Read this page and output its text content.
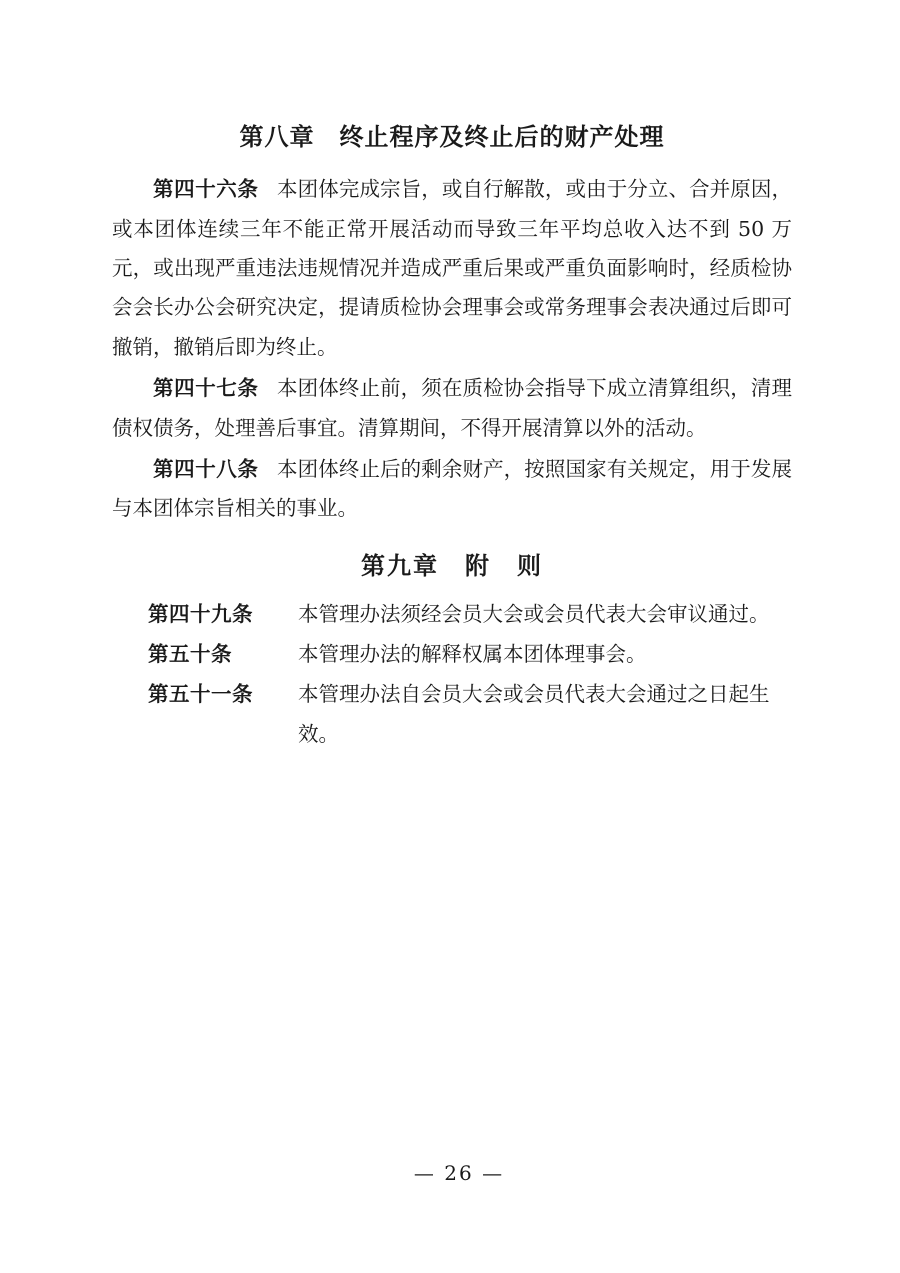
第八章　终止程序及终止后的财产处理

第四十六条 本团体完成宗旨，或自行解散，或由于分立、合并原因，或本团体连续三年不能正常开展活动而导致三年平均总收入达不到 50 万元，或出现严重违法违规情况并造成严重后果或严重负面影响时，经质检协会会长办公会研究决定，提请质检协会理事会或常务理事会表决通过后即可撤销，撤销后即为终止。

第四十七条 本团体终止前，须在质检协会指导下成立清算组织，清理债权债务，处理善后事宜。清算期间，不得开展清算以外的活动。

第四十八条 本团体终止后的剩余财产，按照国家有关规定，用于发展与本团体宗旨相关的事业。

第九章　附　则
第四十九条	本管理办法须经会员大会或会员代表大会审议通过。
第五十条	本管理办法的解释权属本团体理事会。
第五十一条	本管理办法自会员大会或会员代表大会通过之日起生效。
— 26 —
